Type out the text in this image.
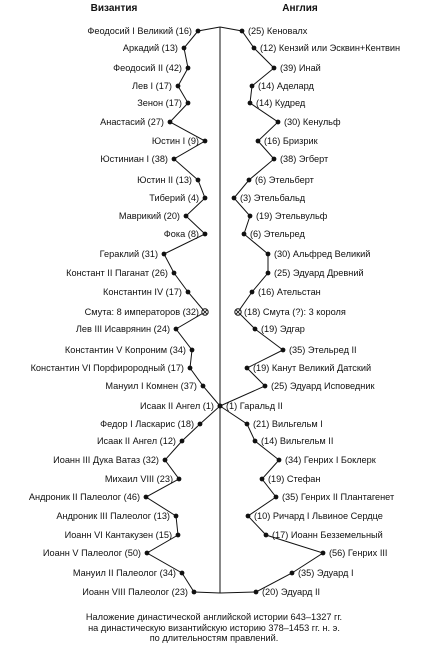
Византия	Англия
Феодосий I Великий (16)
Аркадий (13)
Феодосий II (42)
Лев I (17)
Зенон (17)
Анастасий (27)
Юстин I (9)
Юстиниан I (38)
Юстин II (13)
Тиберий (4)
Маврикий (20)
Фока (8)
Гераклий (31)
Констант II Паганат (26)
Константин IV (17)
Смута: 8 императоров (32)
Лев III Исаврянин (24)
Константин V Копроним (34)
Константин VI Порфирородный (17)
Мануил I Комнен (37)
Исаак II Ангел (1)
Федор I Ласкарис (18)
Исаак II Ангел (12)
Иоанн III Дука Ватаз (32)
Михаил VIII (23)
Андроник II Палеолог (46)
Андроник III Палеолог (13)
Иоанн VI Кантакузен (15)
Иоанн V Палеолог (50)
Мануил II Палеолог (34)
Иоанн VIII Палеолог (23)
(25) Кеновалх
(12) Кензий или Эсквин+Кентвин
(39) Инай
(14) Аделард
(14) Кудред
(30) Кенульф
(16) Бризрик
(38) Эгберт
(6) Этельберт
(3) Этельбальд
(19) Этельвульф
(6) Этельред
(30) Альфред Великий
(25) Эдуард Древний
(16) Ательстан
(18) Смута (?): 3 короля
(19) Эдгар
(35) Этельред II
(19) Канут Великий Датский
(25) Эдуард Исповедник
(1) Гаральд II
(21) Вильгельм I
(14) Вильгельм II
(34) Генрих I Боклерк
(19) Стефан
(35) Генрих II Плантагенет
(10) Ричард I Львиное Сердце
(17) Иоанн Безземельный
(56) Генрих III
(35) Эдуард I
(20) Эдуард II
Наложение династической английской истории 643–1327 гг.
на династическую византийскую историю 378–1453 гг. н. э.
по длительностям правлений.
